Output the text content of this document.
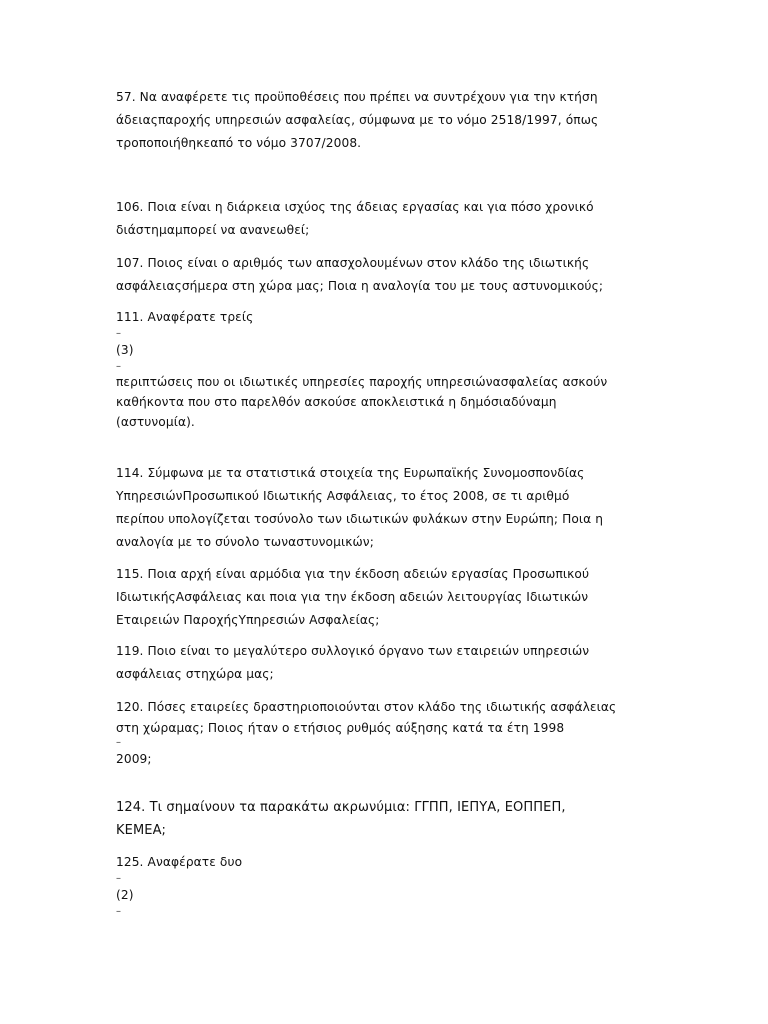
57. Να αναφέρετε τις προϋποθέσεις που πρέπει να συντρέχουν για την κτήση
άδειαςπαροχής υπηρεσιών ασφαλείας, σύμφωνα με το νόμο 2518/1997, όπως
τροποποιήθηκεαπό το νόμο 3707/2008.
106. Ποια είναι η διάρκεια ισχύος της άδειας εργασίας και για πόσο χρονικό
διάστημαμπορεί να ανανεωθεί;
107. Ποιος είναι ο αριθμός των απασχολουμένων στον κλάδο της ιδιωτικής
ασφάλειαςσήμερα στη χώρα μας; Ποια η αναλογία του με τους αστυνομικούς;
111. Αναφέρατε τρείς
–
(3)
–
περιπτώσεις που οι ιδιωτικές υπηρεσίες παροχής υπηρεσιώνασφαλείας ασκούν
καθήκοντα που στο παρελθόν ασκούσε αποκλειστικά η δημόσιαδύναμη
(αστυνομία).
114. Σύμφωνα με τα στατιστικά στοιχεία της Ευρωπαϊκής Συνομοσπονδίας
ΥπηρεσιώνΠροσωπικού Ιδιωτικής Ασφάλειας, το έτος 2008, σε τι αριθμό
περίπου υπολογίζεται τοσύνολο των ιδιωτικών φυλάκων στην Ευρώπη; Ποια η
αναλογία με το σύνολο τωναστυνομικών;
115. Ποια αρχή είναι αρμόδια για την έκδοση αδειών εργασίας Προσωπικού
ΙδιωτικήςΑσφάλειας και ποια για την έκδοση αδειών λειτουργίας Ιδιωτικών
Εταιρειών ΠαροχήςΥπηρεσιών Ασφαλείας;
119. Ποιο είναι το μεγαλύτερο συλλογικό όργανο των εταιρειών υπηρεσιών
ασφάλειας στηχώρα μας;
120. Πόσες εταιρείες δραστηριοποιούνται στον κλάδο της ιδιωτικής ασφάλειας
στη χώραμας; Ποιος ήταν ο ετήσιος ρυθμός αύξησης κατά τα έτη 1998
–
2009;
124. Τι σημαίνουν τα παρακάτω ακρωνύμια: ΓΓΠΠ, ΙΕΠΥΑ, ΕΟΠΠΕΠ,
ΚΕΜΕΑ;
125. Αναφέρατε δυο
–
(2)
–
